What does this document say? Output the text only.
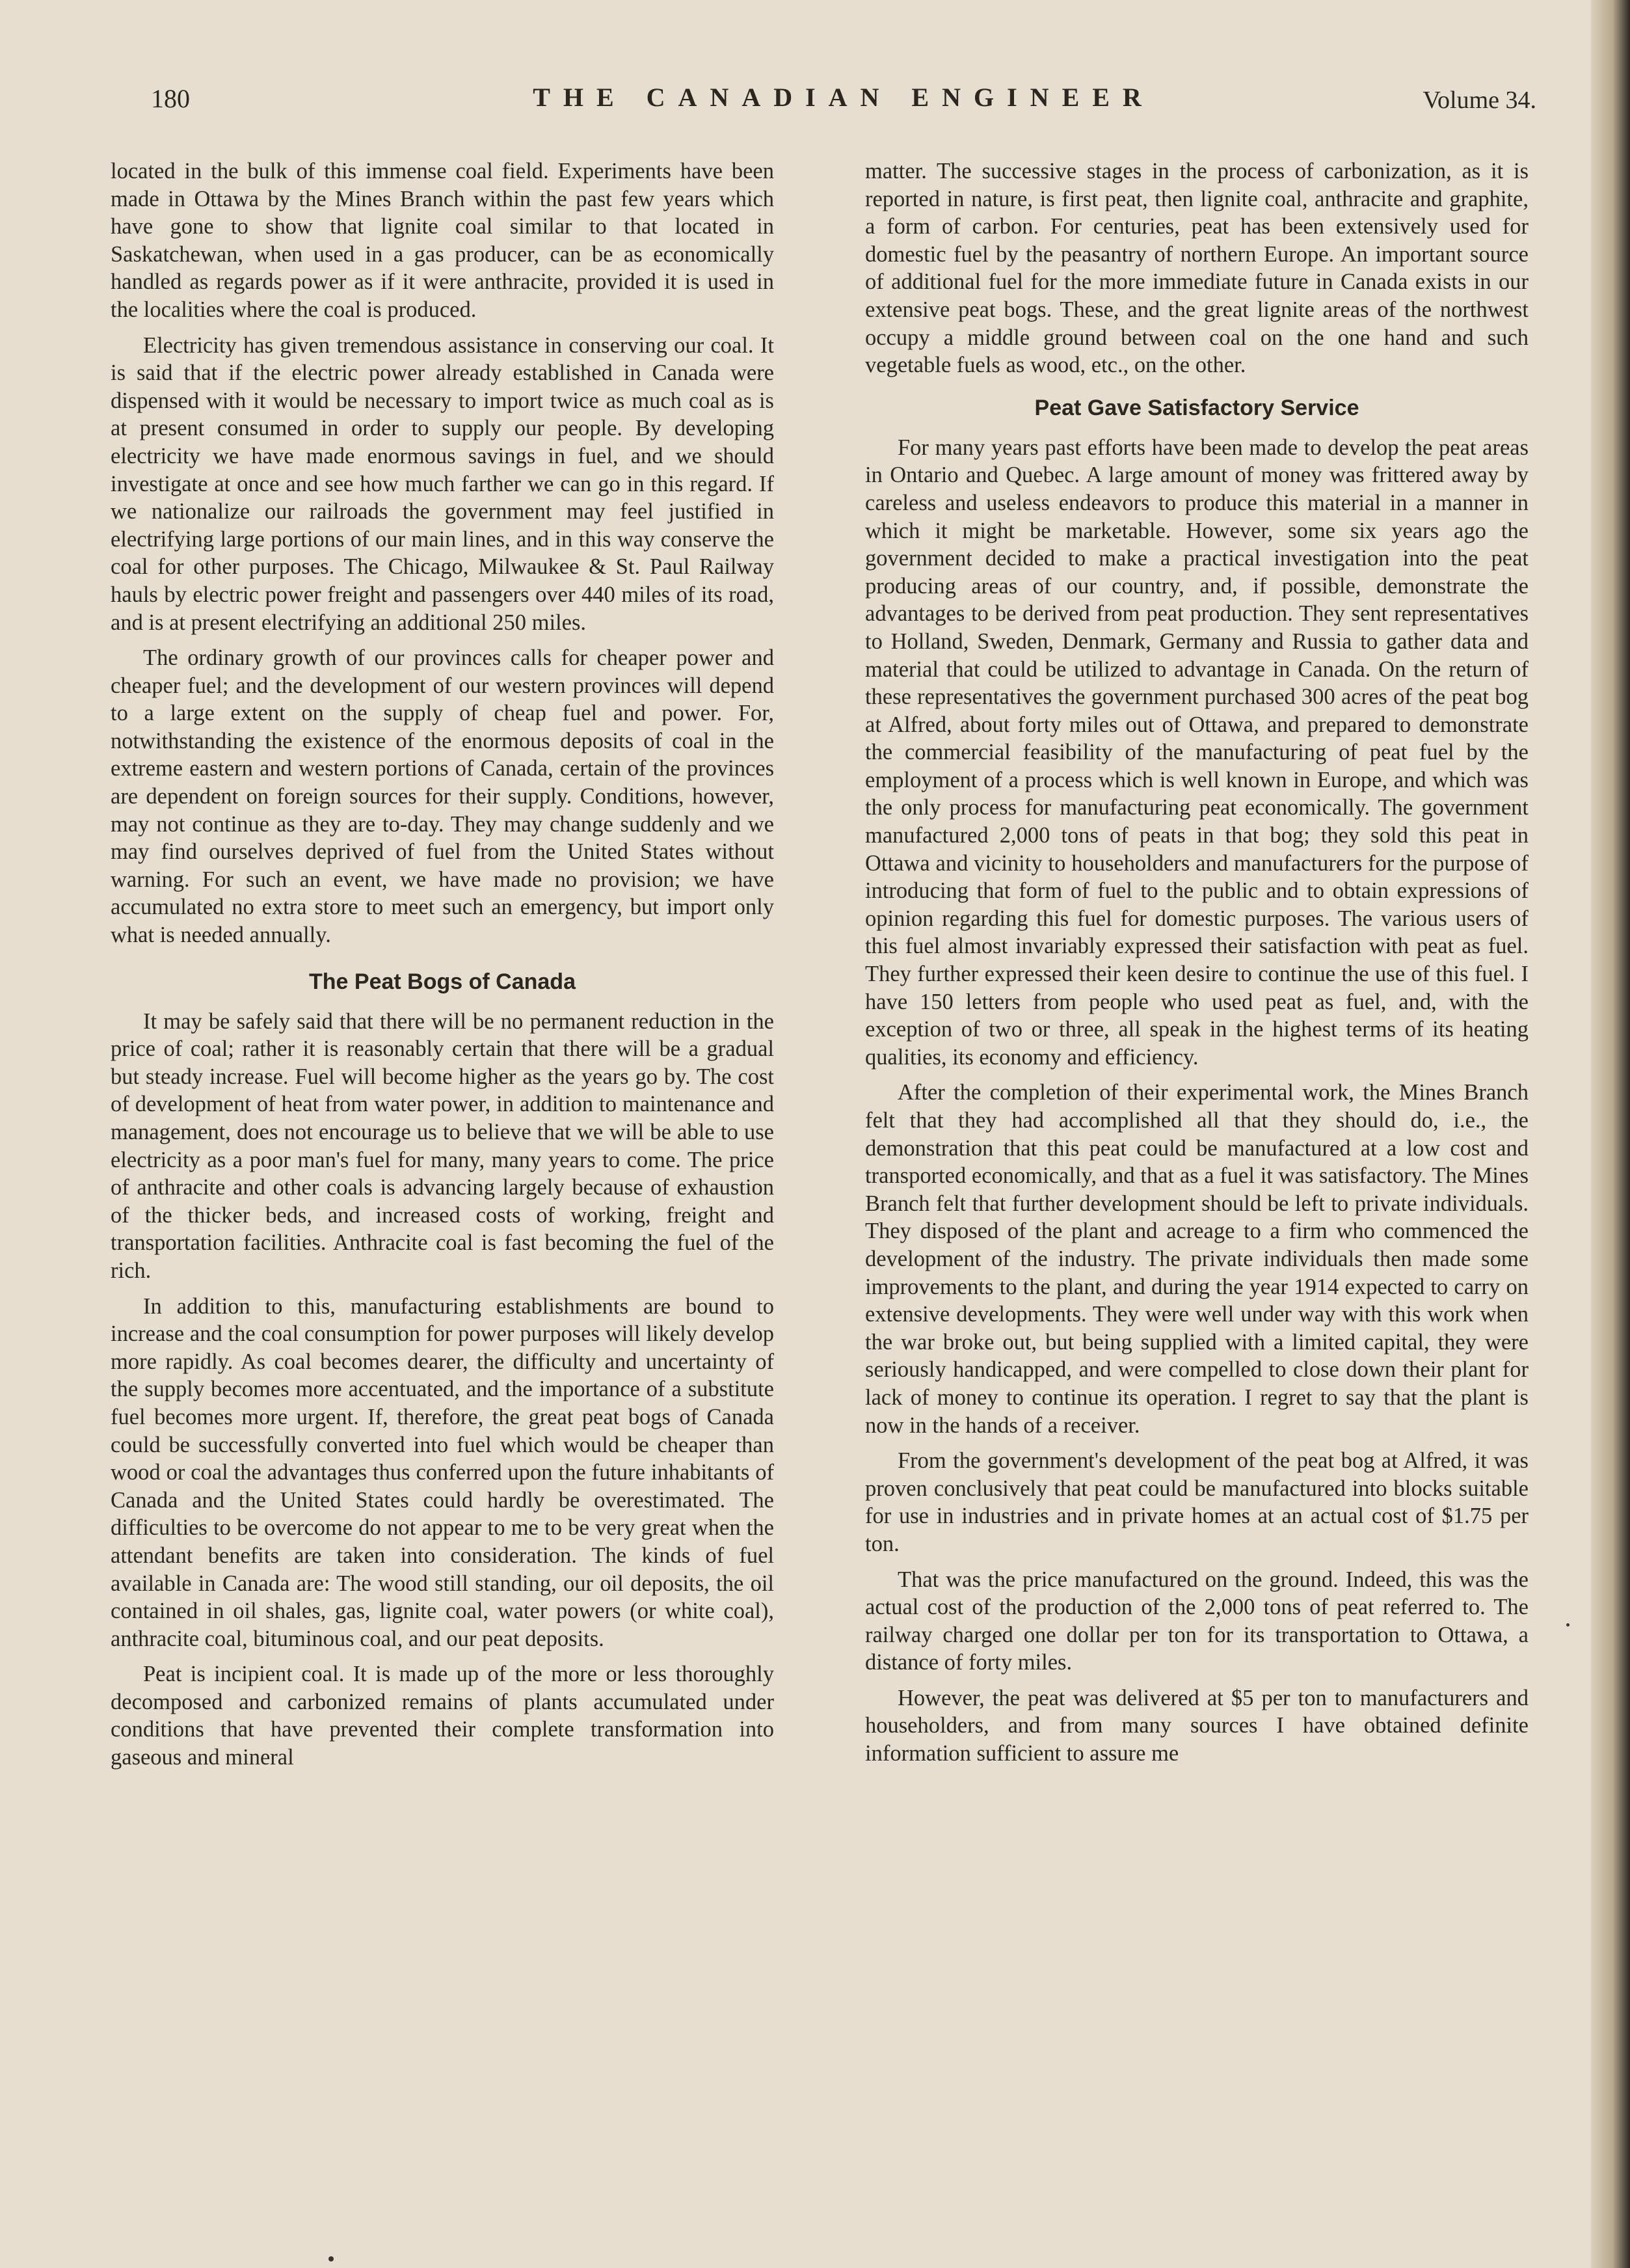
180	THE CANADIAN ENGINEER	Volume 34.

located in the bulk of this immense coal field. Experiments have been made in Ottawa by the Mines Branch within the past few years which have gone to show that lignite coal similar to that located in Saskatchewan, when used in a gas producer, can be as economically handled as regards power as if it were anthracite, provided it is used in the localities where the coal is produced.

Electricity has given tremendous assistance in conserving our coal. It is said that if the electric power already established in Canada were dispensed with it would be necessary to import twice as much coal as is at present consumed in order to supply our people. By developing electricity we have made enormous savings in fuel, and we should investigate at once and see how much farther we can go in this regard. If we nationalize our railroads the government may feel justified in electrifying large portions of our main lines, and in this way conserve the coal for other purposes. The Chicago, Milwaukee & St. Paul Railway hauls by electric power freight and passengers over 440 miles of its road, and is at present electrifying an additional 250 miles.

The ordinary growth of our provinces calls for cheaper power and cheaper fuel; and the development of our western provinces will depend to a large extent on the supply of cheap fuel and power. For, notwithstanding the existence of the enormous deposits of coal in the extreme eastern and western portions of Canada, certain of the provinces are dependent on foreign sources for their supply. Conditions, however, may not continue as they are to-day. They may change suddenly and we may find ourselves deprived of fuel from the United States without warning. For such an event, we have made no provision; we have accumulated no extra store to meet such an emergency, but import only what is needed annually.

The Peat Bogs of Canada

It may be safely said that there will be no permanent reduction in the price of coal; rather it is reasonably certain that there will be a gradual but steady increase. Fuel will become higher as the years go by. The cost of development of heat from water power, in addition to maintenance and management, does not encourage us to believe that we will be able to use electricity as a poor man's fuel for many, many years to come. The price of anthracite and other coals is advancing largely because of exhaustion of the thicker beds, and increased costs of working, freight and transportation facilities. Anthracite coal is fast becoming the fuel of the rich.

In addition to this, manufacturing establishments are bound to increase and the coal consumption for power purposes will likely develop more rapidly. As coal becomes dearer, the difficulty and uncertainty of the supply becomes more accentuated, and the importance of a substitute fuel becomes more urgent. If, therefore, the great peat bogs of Canada could be successfully converted into fuel which would be cheaper than wood or coal the advantages thus conferred upon the future inhabitants of Canada and the United States could hardly be overestimated. The difficulties to be overcome do not appear to me to be very great when the attendant benefits are taken into consideration. The kinds of fuel available in Canada are: The wood still standing, our oil deposits, the oil contained in oil shales, gas, lignite coal, water powers (or white coal), anthracite coal, bituminous coal, and our peat deposits.

Peat is incipient coal. It is made up of the more or less thoroughly decomposed and carbonized remains of plants accumulated under conditions that have prevented their complete transformation into gaseous and mineral

matter. The successive stages in the process of carbonization, as it is reported in nature, is first peat, then lignite coal, anthracite and graphite, a form of carbon. For centuries, peat has been extensively used for domestic fuel by the peasantry of northern Europe. An important source of additional fuel for the more immediate future in Canada exists in our extensive peat bogs. These, and the great lignite areas of the northwest occupy a middle ground between coal on the one hand and such vegetable fuels as wood, etc., on the other.

Peat Gave Satisfactory Service

For many years past efforts have been made to develop the peat areas in Ontario and Quebec. A large amount of money was frittered away by careless and useless endeavors to produce this material in a manner in which it might be marketable. However, some six years ago the government decided to make a practical investigation into the peat producing areas of our country, and, if possible, demonstrate the advantages to be derived from peat production. They sent representatives to Holland, Sweden, Denmark, Germany and Russia to gather data and material that could be utilized to advantage in Canada. On the return of these representatives the government purchased 300 acres of the peat bog at Alfred, about forty miles out of Ottawa, and prepared to demonstrate the commercial feasibility of the manufacturing of peat fuel by the employment of a process which is well known in Europe, and which was the only process for manufacturing peat economically. The government manufactured 2,000 tons of peats in that bog; they sold this peat in Ottawa and vicinity to householders and manufacturers for the purpose of introducing that form of fuel to the public and to obtain expressions of opinion regarding this fuel for domestic purposes. The various users of this fuel almost invariably expressed their satisfaction with peat as fuel. They further expressed their keen desire to continue the use of this fuel. I have 150 letters from people who used peat as fuel, and, with the exception of two or three, all speak in the highest terms of its heating qualities, its economy and efficiency.

After the completion of their experimental work, the Mines Branch felt that they had accomplished all that they should do, i.e., the demonstration that this peat could be manufactured at a low cost and transported economically, and that as a fuel it was satisfactory. The Mines Branch felt that further development should be left to private individuals. They disposed of the plant and acreage to a firm who commenced the development of the industry. The private individuals then made some improvements to the plant, and during the year 1914 expected to carry on extensive developments. They were well under way with this work when the war broke out, but being supplied with a limited capital, they were seriously handicapped, and were compelled to close down their plant for lack of money to continue its operation. I regret to say that the plant is now in the hands of a receiver.

From the government's development of the peat bog at Alfred, it was proven conclusively that peat could be manufactured into blocks suitable for use in industries and in private homes at an actual cost of $1.75 per ton.

That was the price manufactured on the ground. Indeed, this was the actual cost of the production of the 2,000 tons of peat referred to. The railway charged one dollar per ton for its transportation to Ottawa, a distance of forty miles.

However, the peat was delivered at $5 per ton to manufacturers and householders, and from many sources I have obtained definite information sufficient to assure me
